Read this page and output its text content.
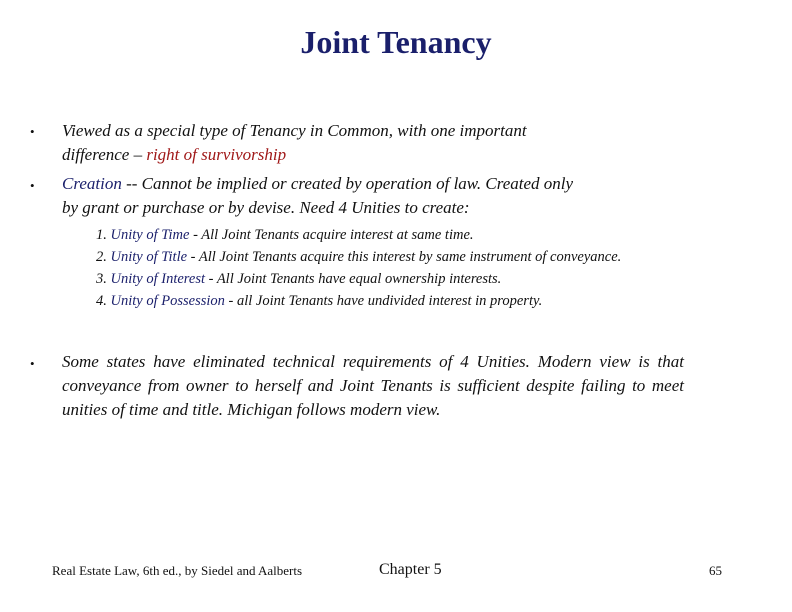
Joint Tenancy
• Viewed as a special type of Tenancy in Common, with one important
difference – right of survivorship
• Creation -- Cannot be implied or created by operation of law. Created only
by grant or purchase or by devise. Need 4 Unities to create:
1. Unity of Time - All Joint Tenants acquire interest at same time.
2. Unity of Title - All Joint Tenants acquire this interest by same instrument of conveyance.
3. Unity of Interest - All Joint Tenants have equal ownership interests.
4. Unity of Possession - all Joint Tenants have undivided interest in property.
• Some states have eliminated technical requirements of 4 Unities. Modern view is that conveyance from owner to herself and Joint Tenants is sufficient despite failing to meet unities of time and title. Michigan follows modern view.
Real Estate Law, 6th ed., by Siedel and Aalberts	Chapter 5	65
